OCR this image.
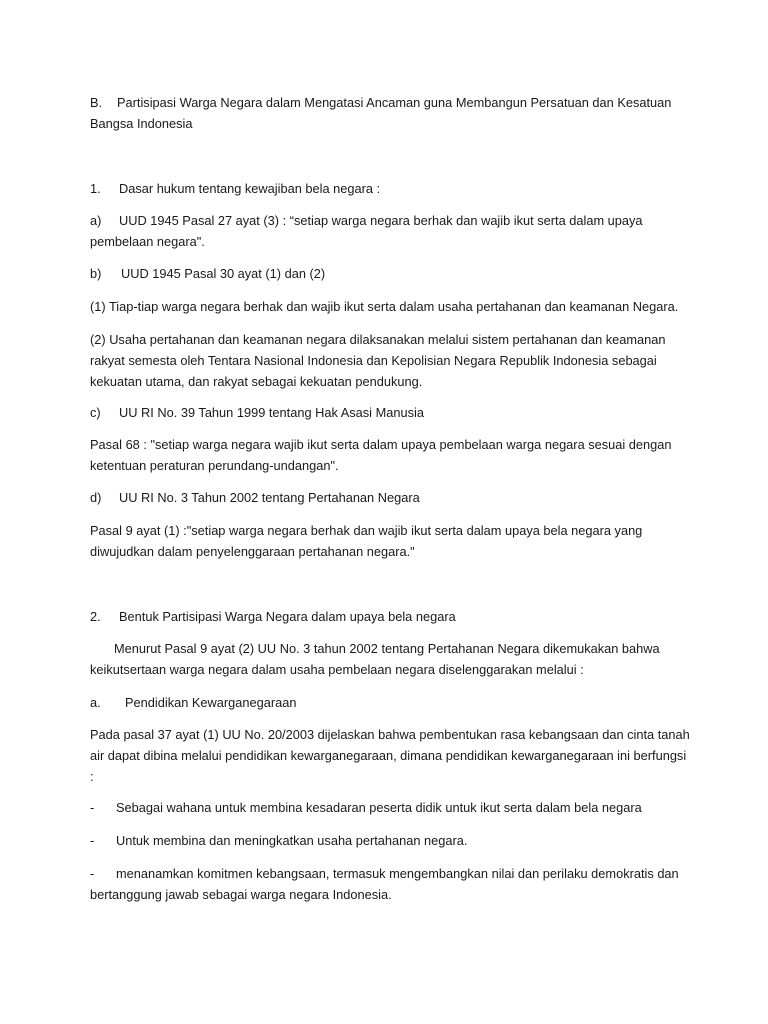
B.	Partisipasi Warga Negara dalam Mengatasi Ancaman guna Membangun Persatuan dan Kesatuan
Bangsa Indonesia
1.	Dasar hukum tentang kewajiban bela negara :
a)	UUD 1945 Pasal 27 ayat (3) : “setiap warga negara berhak dan wajib ikut serta dalam upaya
pembelaan negara".
b)	UUD 1945 Pasal 30 ayat (1) dan (2)
(1) Tiap-tiap warga negara berhak dan wajib ikut serta dalam usaha pertahanan dan keamanan Negara.
(2) Usaha pertahanan dan keamanan negara dilaksanakan melalui sistem pertahanan dan keamanan rakyat semesta oleh Tentara Nasional Indonesia dan Kepolisian Negara Republik Indonesia sebagai kekuatan utama, dan rakyat sebagai kekuatan pendukung.
c)	UU RI No. 39 Tahun 1999 tentang Hak Asasi Manusia
Pasal 68 : "setiap warga negara wajib ikut serta dalam upaya pembelaan warga negara sesuai dengan ketentuan peraturan perundang-undangan".
d)	UU RI No. 3 Tahun 2002 tentang Pertahanan Negara
Pasal 9 ayat (1) :"setiap warga negara berhak dan wajib ikut serta dalam upaya bela negara yang diwujudkan dalam penyelenggaraan pertahanan negara."
2.	Bentuk Partisipasi Warga Negara dalam upaya bela negara
Menurut Pasal 9 ayat (2) UU No. 3 tahun 2002 tentang Pertahanan Negara dikemukakan bahwa keikutsertaan warga negara dalam usaha pembelaan negara diselenggarakan melalui :
a.	Pendidikan Kewarganegaraan
Pada pasal 37 ayat (1) UU No. 20/2003 dijelaskan bahwa pembentukan rasa kebangsaan dan cinta tanah air dapat dibina melalui pendidikan kewarganegaraan, dimana pendidikan kewarganegaraan ini berfungsi :
-	Sebagai wahana untuk membina kesadaran peserta didik untuk ikut serta dalam bela negara
-	Untuk membina dan meningkatkan usaha pertahanan negara.
- menanamkan komitmen kebangsaan, termasuk mengembangkan nilai dan perilaku demokratis dan bertanggung jawab sebagai warga negara Indonesia.
